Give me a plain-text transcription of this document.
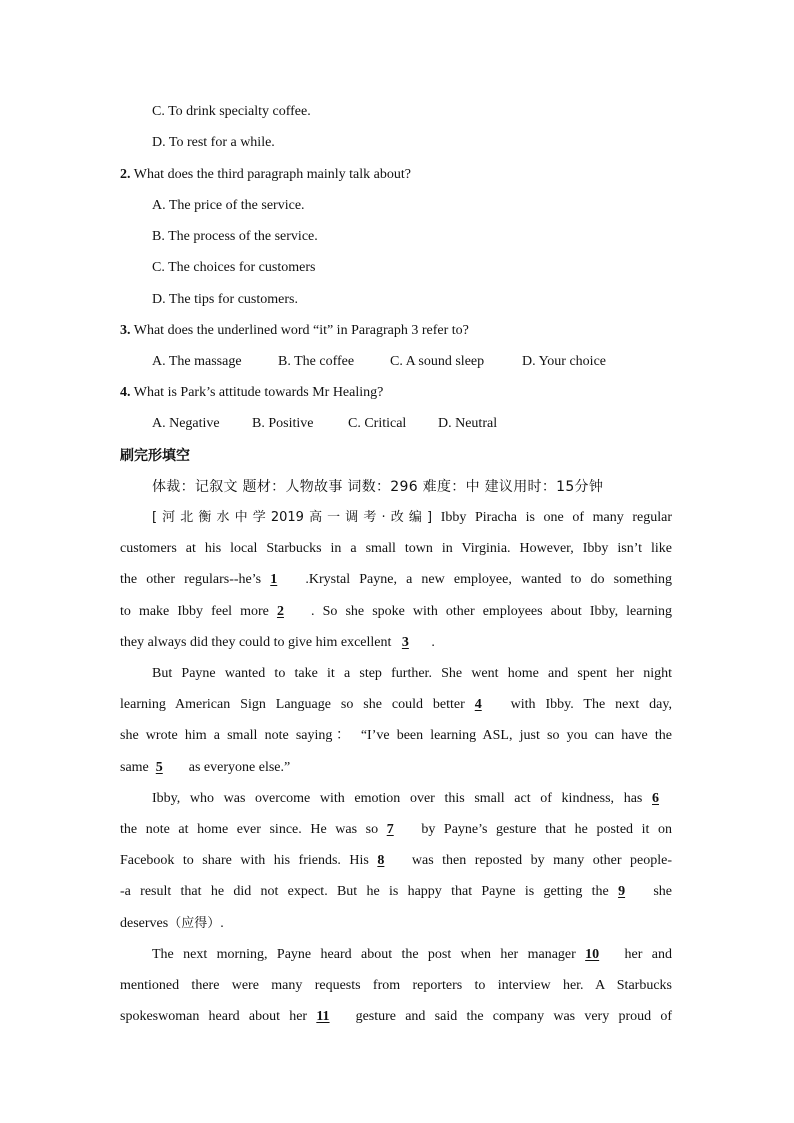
C. To drink specialty coffee.
D. To rest for a while.
2. What does the third paragraph mainly talk about?
A. The price of the service.
B. The process of the service.
C. The choices for customers
D. The tips for customers.
3. What does the underlined word “it” in Paragraph 3 refer to?
A. The massage	B. The coffee	C. A sound sleep	D. Your choice
4. What is Park’s attitude towards Mr Healing?
A. Negative B. Positive C. Critical D. Neutral
刷完形填空
体裁：记叙文 题材：人物故事 词数：296 难度：中 建议用时：15分钟
[河北衡水中学2019高一调考·改编] Ibby Piracha is one of many regular
customers at his local Starbucks in a small town in Virginia. However, Ibby isn’t like
the other regulars--he’s 1 .Krystal Payne, a new employee, wanted to do something
to make Ibby feel more 2 . So she spoke with other employees about Ibby, learning
they always did they could to give him excellent 3 .
But Payne wanted to take it a step further. She went home and spent her night
learning American Sign Language so she could better 4 with Ibby. The next day,
she wrote him a small note saying： “I’ve been learning ASL, just so you can have the
same 5 as everyone else.”
Ibby, who was overcome with emotion over this small act of kindness, has 6
the note at home ever since. He was so 7 by Payne’s gesture that he posted it on
Facebook to share with his friends. His 8 was then reposted by many other people-
-a result that he did not expect. But he is happy that Payne is getting the 9 she
deserves（应得）.
The next morning, Payne heard about the post when her manager 10 her and
mentioned there were many requests from reporters to interview her. A Starbucks
spokeswoman heard about her 11 gesture and said the company was very proud of
